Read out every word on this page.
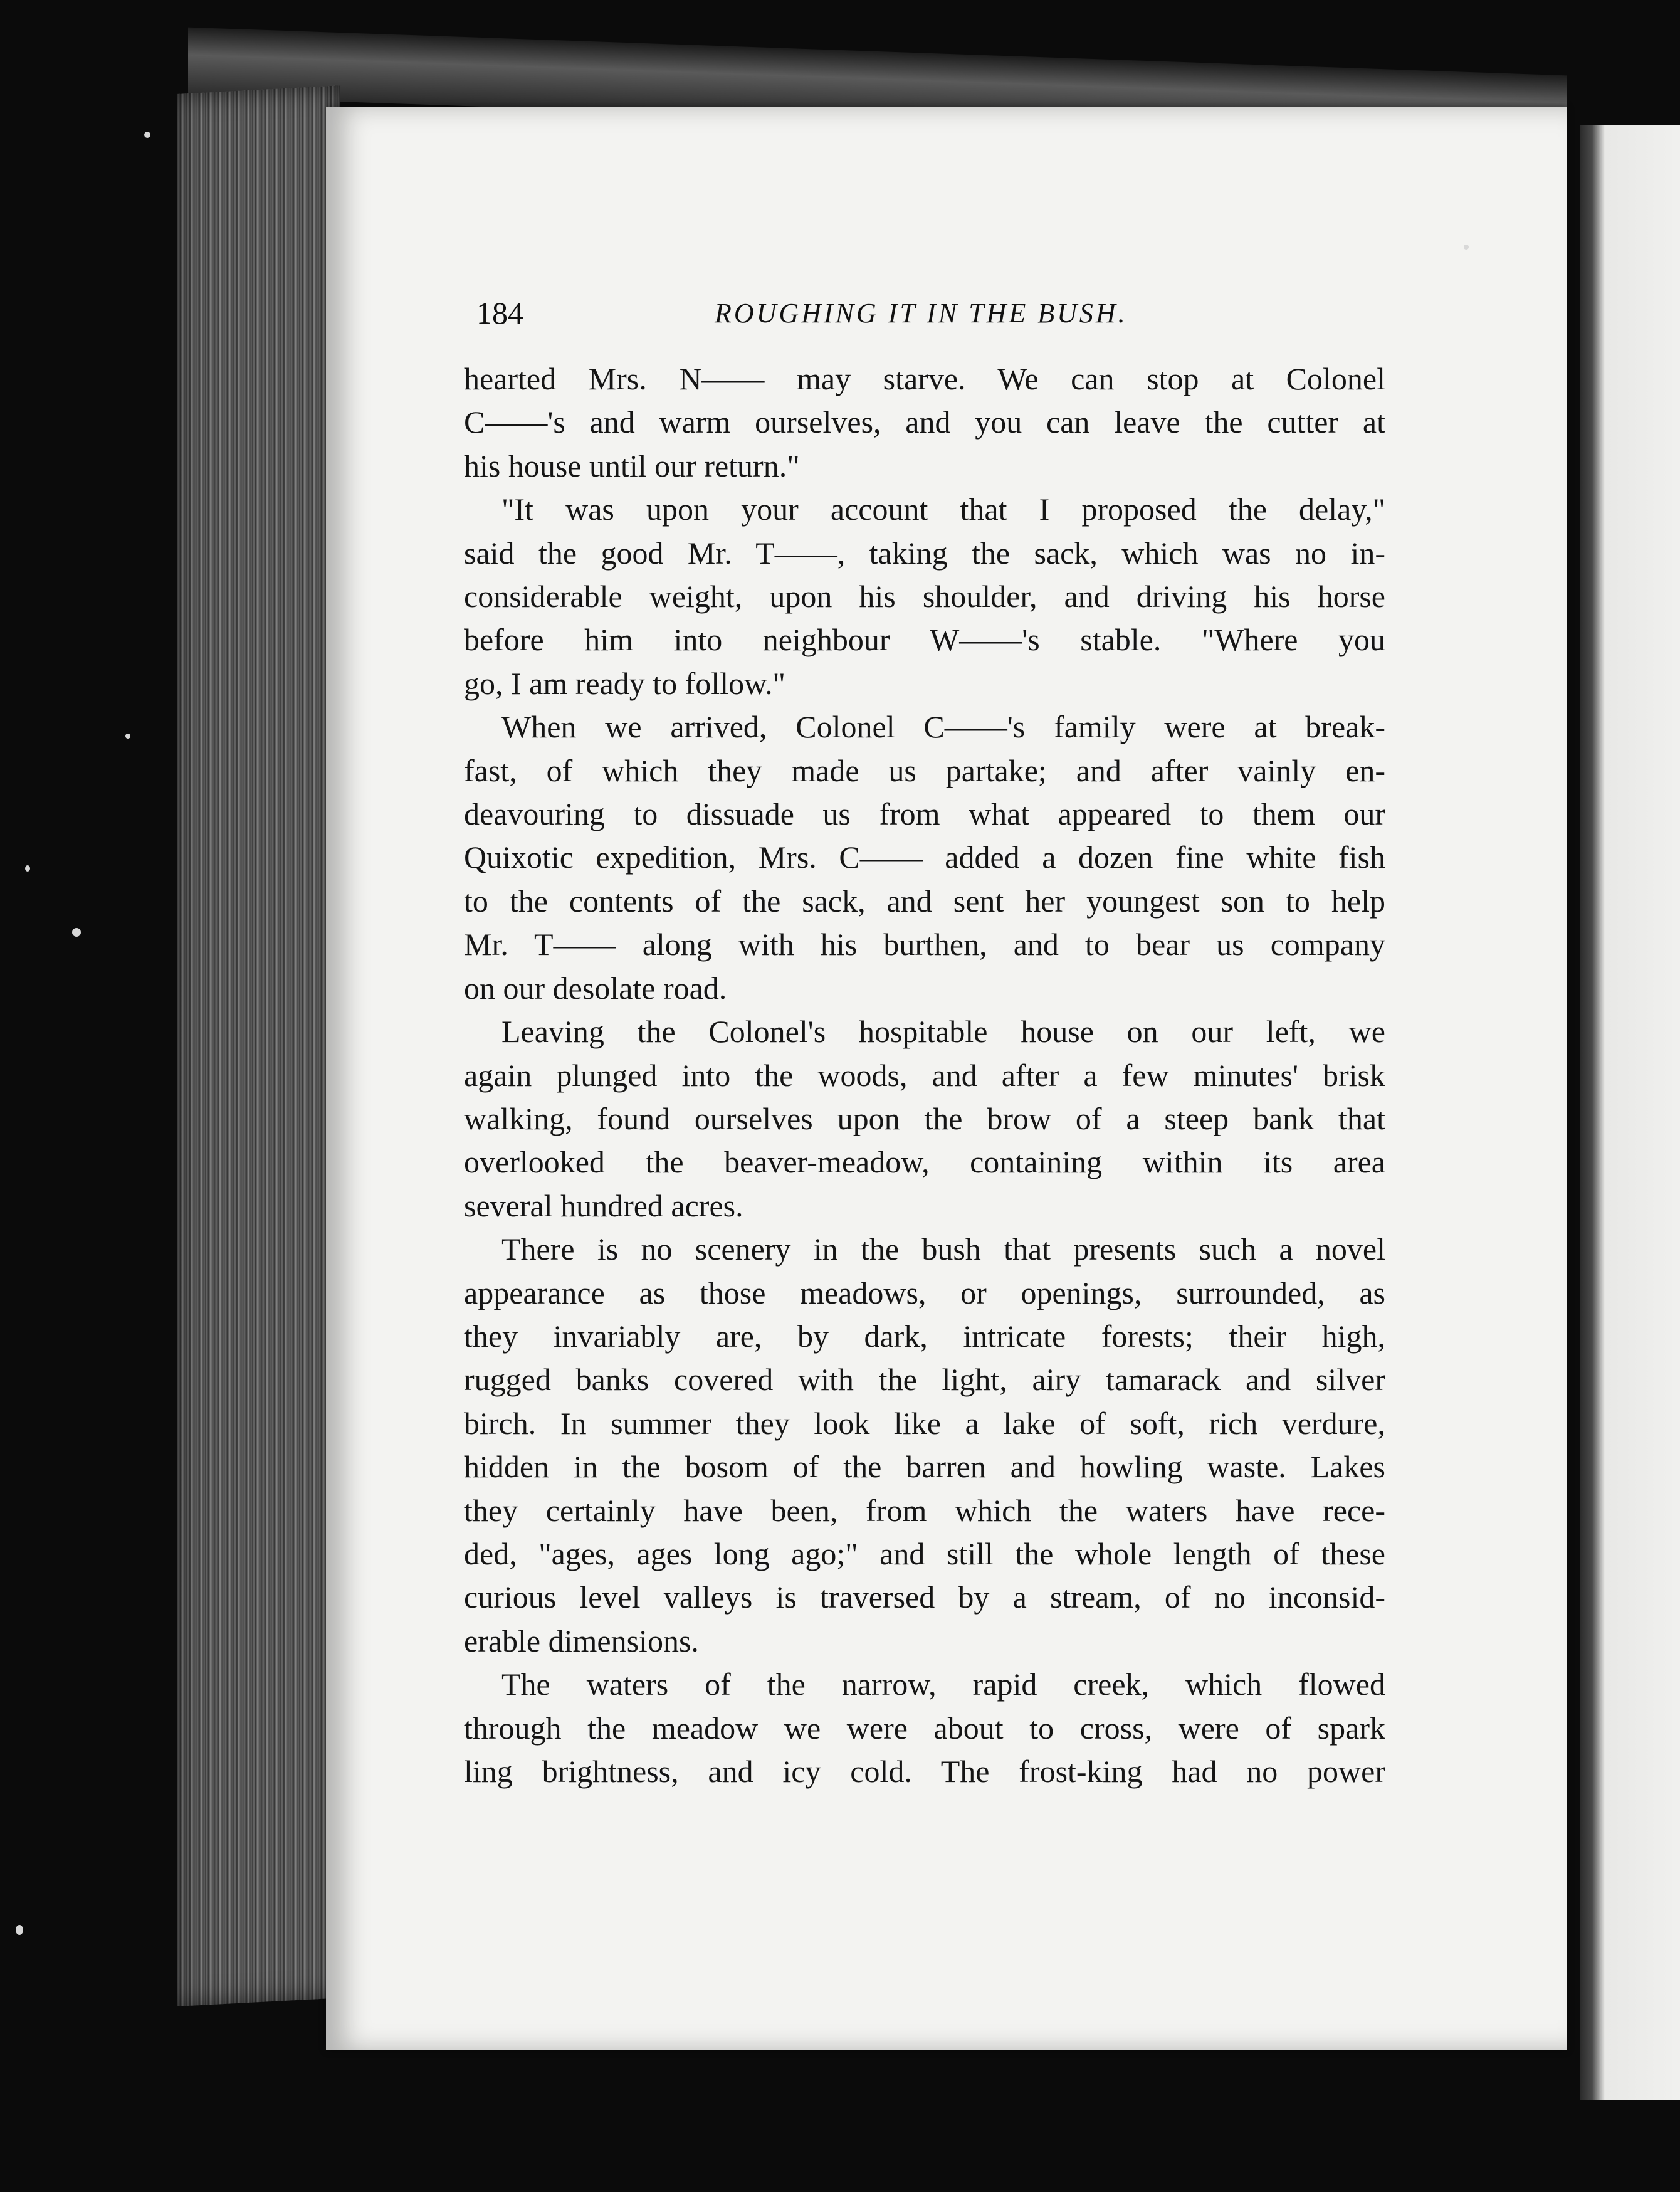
184	ROUGHING IT IN THE BUSH.
hearted Mrs. N—— may starve. We can stop at Colonel
C——'s and warm ourselves, and you can leave the cutter at
his house until our return."
"It was upon your account that I proposed the delay,"
said the good Mr. T——, taking the sack, which was no in-
considerable weight, upon his shoulder, and driving his horse
before him into neighbour W——'s stable. "Where you
go, I am ready to follow."
When we arrived, Colonel C——'s family were at break-
fast, of which they made us partake; and after vainly en-
deavouring to dissuade us from what appeared to them our
Quixotic expedition, Mrs. C—— added a dozen fine white fish
to the contents of the sack, and sent her youngest son to help
Mr. T—— along with his burthen, and to bear us company
on our desolate road.
Leaving the Colonel's hospitable house on our left, we
again plunged into the woods, and after a few minutes' brisk
walking, found ourselves upon the brow of a steep bank that
overlooked the beaver-meadow, containing within its area
several hundred acres.
There is no scenery in the bush that presents such a novel
appearance as those meadows, or openings, surrounded, as
they invariably are, by dark, intricate forests; their high,
rugged banks covered with the light, airy tamarack and silver
birch. In summer they look like a lake of soft, rich verdure,
hidden in the bosom of the barren and howling waste. Lakes
they certainly have been, from which the waters have rece-
ded, "ages, ages long ago;" and still the whole length of these
curious level valleys is traversed by a stream, of no inconsid-
erable dimensions.
The waters of the narrow, rapid creek, which flowed
through the meadow we were about to cross, were of spark
ling brightness, and icy cold. The frost-king had no power
